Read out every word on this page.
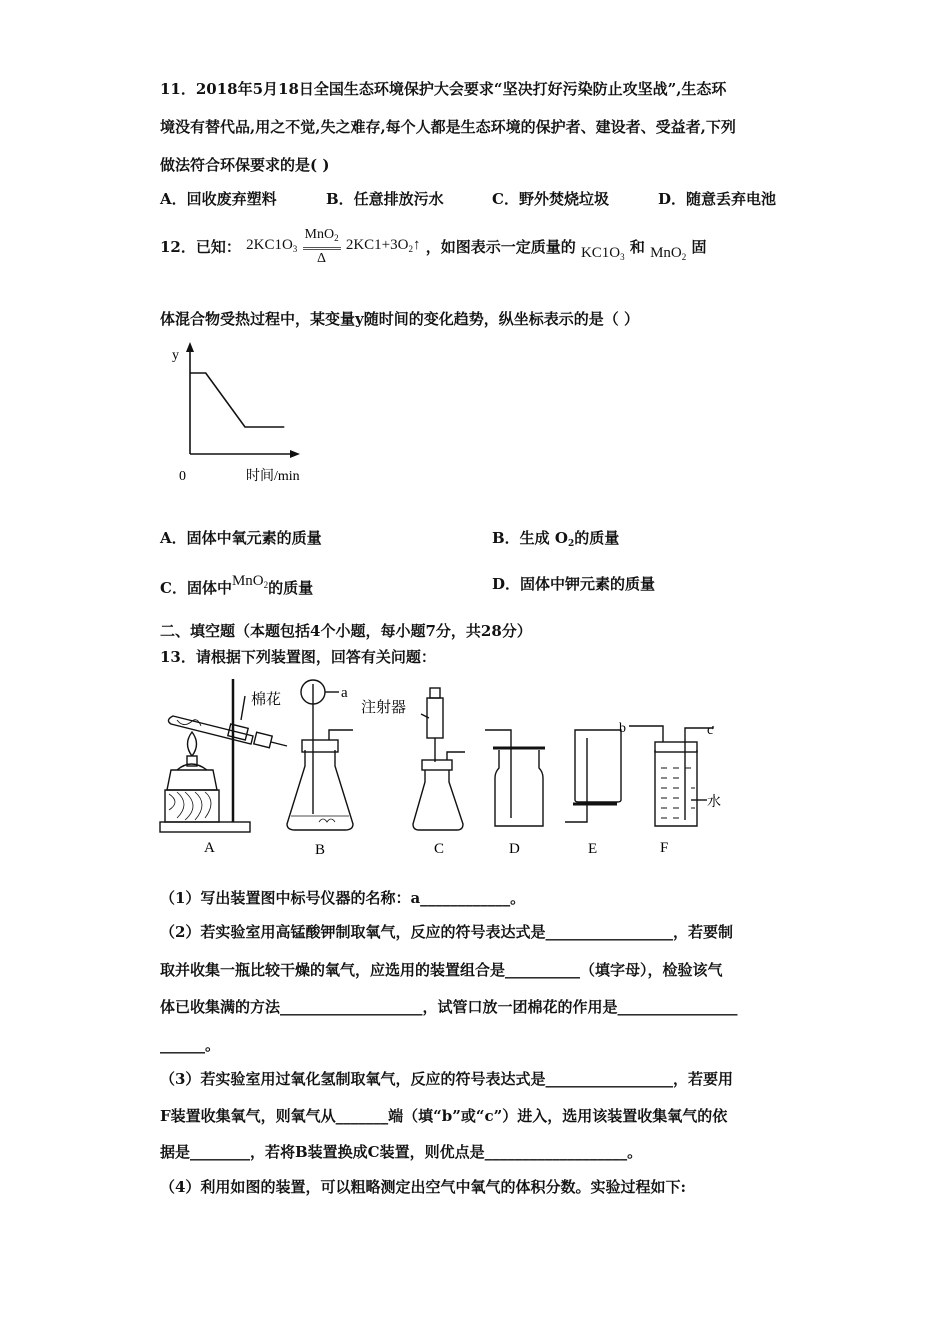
11．2018年5月18日全国生态环境保护大会要求“坚决打好污染防止攻坚战”,生态环
境没有替代品,用之不觉,失之难存,每个人都是生态环境的保护者、建设者、受益者,下列
做法符合环保要求的是( )
A．回收废弃塑料	B．任意排放污水	C．野外焚烧垃圾	D．随意丢弃电池
12．已知： $2KC1O_3 \frac{MnO_2}{\Delta}$ $2KC1+3O_2↑$ ，如图表示一定质量的 $KC1O_3$ 和 MnO$_2$ 固
体混合物受热过程中，某变量y随时间的变化趋势，纵坐标表示的是（ ）
y
0	时间/min
A．固体中氧元素的质量	B．生成 $O_2$的质量
C．固体中MnO$_2$的质量	D．固体中钾元素的质量
二、填空题（本题包括4个小题，每小题7分，共28分）
13．请根据下列装置图，回答有关问题：
棉花	a
注射器
b	c
水
A	B	C	D	E	F
（1）写出装置图中标号仪器的名称：a____________。
（2）若实验室用高锰酸钾制取氧气，反应的符号表达式是_________________，若要制
取并收集一瓶比较干燥的氧气，应选用的装置组合是__________（填字母），检验该气
体已收集满的方法___________________，试管口放一团棉花的作用是________________
______。
（3）若实验室用过氧化氢制取氧气，反应的符号表达式是_________________，若要用
F装置收集氧气，则氧气从_______端（填“b”或“c”）进入，选用该装置收集氧气的依
据是________，若将B装置换成C装置，则优点是___________________。
（4）利用如图的装置，可以粗略测定出空气中氧气的体积分数。实验过程如下:
